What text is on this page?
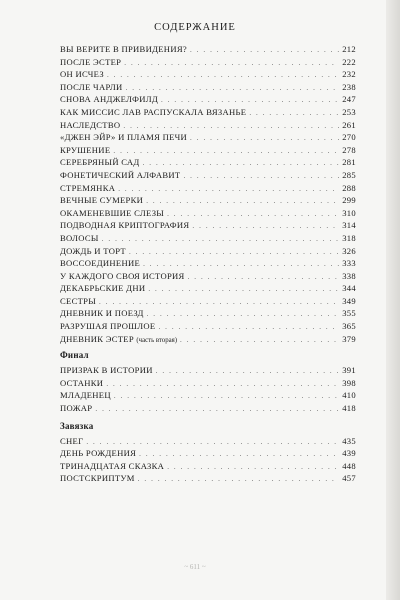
СОДЕРЖАНИЕ
ВЫ ВЕРИТЕ В ПРИВИДЕНИЯ? . . .	212
ПОСЛЕ ЭСТЕР . . .	222
ОН ИСЧЕЗ . . .	232
ПОСЛЕ ЧАРЛИ . . .	238
СНОВА АНДЖЕЛФИЛД . . .	247
КАК МИССИС ЛАВ РАСПУСКАЛА ВЯЗАНЬЕ . . .	253
НАСЛЕДСТВО . . .	261
«ДЖЕН ЭЙР» И ПЛАМЯ ПЕЧИ . . .	270
КРУШЕНИЕ . . .	278
СЕРЕБРЯНЫЙ САД . . .	281
ФОНЕТИЧЕСКИЙ АЛФАВИТ . . .	285
СТРЕМЯНКА . . .	288
ВЕЧНЫЕ СУМЕРКИ . . .	299
ОКАМЕНЕВШИЕ СЛЕЗЫ . . .	310
ПОДВОДНАЯ КРИПТОГРАФИЯ . . .	314
ВОЛОСЫ . . .	318
ДОЖДЬ И ТОРТ . . .	326
ВОССОЕДИНЕНИЕ . . .	333
У КАЖДОГО СВОЯ ИСТОРИЯ . . .	338
ДЕКАБРЬСКИЕ ДНИ . . .	344
СЕСТРЫ . . .	349
ДНЕВНИК И ПОЕЗД . . .	355
РАЗРУШАЯ ПРОШЛОЕ . . .	365
ДНЕВНИК ЭСТЕР (часть вторая) . . .	379
Финал
ПРИЗРАК В ИСТОРИИ . . .	391
ОСТАНКИ . . .	398
МЛАДЕНЕЦ . . .	410
ПОЖАР . . .	418
Завязка
СНЕГ . . .	435
ДЕНЬ РОЖДЕНИЯ . . .	439
ТРИНАДЦАТАЯ СКАЗКА . . .	448
ПОСТСКРИПТУМ . . .	457
~ 611 ~
